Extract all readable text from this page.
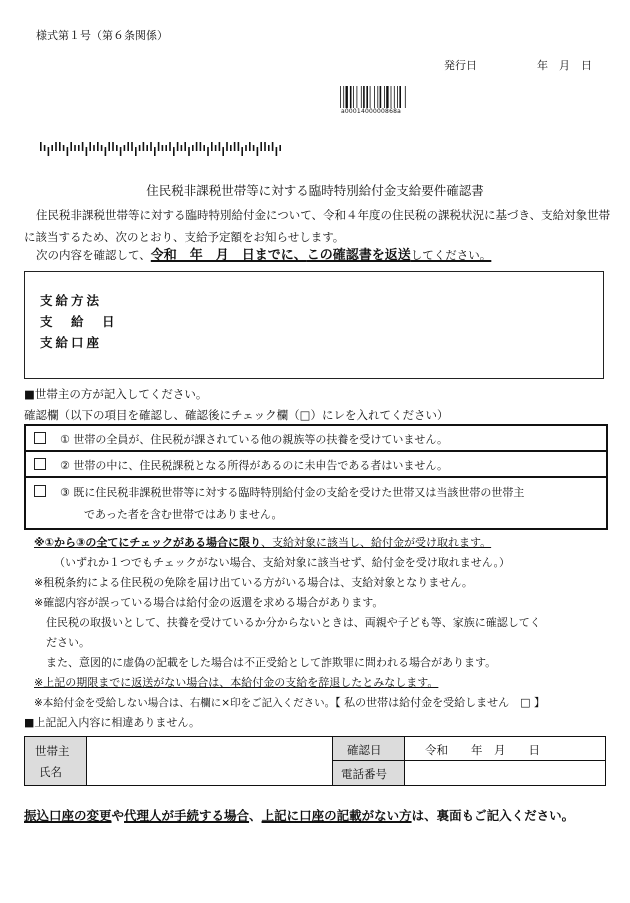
様式第１号（第６条関係）
発行日	年　月　日
a000140000086​8a
住民税非課税世帯等に対する臨時特別給付金支給要件確認書
住民税非課税世帯等に対する臨時特別給付金について、令和４年度の住民税の課税状況に基づき、支給対象世帯に該当するため、次のとおり、支給予定額をお知らせします。
次の内容を確認して、令和　年　月　日までに、この確認書を返送してください。
支給方法
支　給　日
支給口座
■世帯主の方が記入してください。
確認欄（以下の項目を確認し、確認後にチェック欄（□）にレを入れてください）
① 世帯の全員が、住民税が課されている他の親族等の扶養を受けていません。
② 世帯の中に、住民税課税となる所得があるのに未申告である者はいません。
③ 既に住民税非課税世帯等に対する臨時特別給付金の支給を受けた世帯又は当該世帯の世帯主
であった者を含む世帯ではありません。
※①から③の全てにチェックがある場合に限り、支給対象に該当し、給付金が受け取れます。
（いずれか１つでもチェックがない場合、支給対象に該当せず、給付金を受け取れません。）
※租税条約による住民税の免除を届け出ている方がいる場合は、支給対象となりません。
※確認内容が誤っている場合は給付金の返還を求める場合があります。
住民税の取扱いとして、扶養を受けているか分からないときは、両親や子ども等、家族に確認してく
ださい。
また、意図的に虚偽の記載をした場合は不正受給として詐欺罪に問われる場合があります。
※上記の期限までに返送がない場合は、本給付金の支給を辞退したとみなします。
※本給付金を受給しない場合は、右欄に×印をご記入ください。【 私の世帯は給付金を受給しません　□ 】
■上記記入内容に相違ありません。
世帯主
氏名
確認日	令和　　年　月　　日
電話番号
振込口座の変更や代理人が手続する場合、上記に口座の記載がない方は、裏面もご記入ください。
